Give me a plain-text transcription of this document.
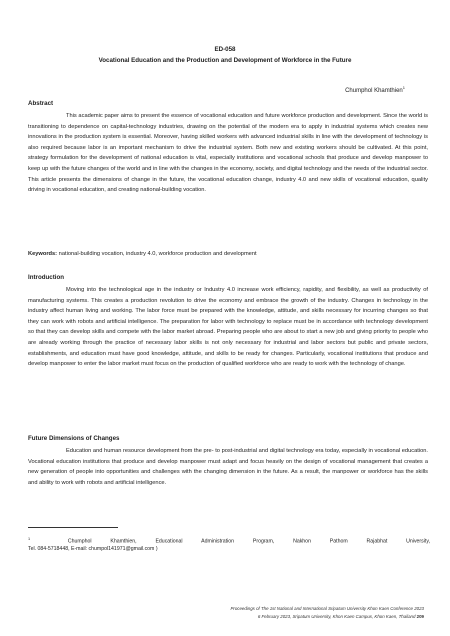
ED-058
Vocational Education and the Production and Development of Workforce in the Future
Chumphol Khamthien$^1$
Abstract
This academic paper aims to present the essence of vocational education and future workforce production and development. Since the world is transitioning to dependence on capital-technology industries, drawing on the potential of the modern era to apply in industrial systems which creates new innovations in the production system is essential. Moreover, having skilled workers with advanced industrial skills in line with the development of technology is also required because labor is an important mechanism to drive the industrial system. Both new and existing workers should be cultivated. At this point, strategy formulation for the development of national education is vital, especially institutions and vocational schools that produce and develop manpower to keep up with the future changes of the world and in line with the changes in the economy, society, and digital technology and the needs of the industrial sector. This article presents the dimensions of change in the future, the vocational education change, industry 4.0 and new skills of vocational education, quality driving in vocational education, and creating national-building vocation.
Keywords: national-building vocation, industry 4.0, workforce production and development
Introduction
Moving into the technological age in the industry or Industry 4.0 increase work efficiency, rapidity, and flexibility, as well as productivity of manufacturing systems. This creates a production revolution to drive the economy and embrace the growth of the industry. Changes in technology in the industry affect human living and working. The labor force must be prepared with the knowledge, attitude, and skills necessary for incurring changes so that they can work with robots and artificial intelligence. The preparation for labor with technology to replace must be in accordance with technology development so that they can develop skills and compete with the labor market abroad. Preparing people who are about to start a new job and giving priority to people who are already working through the practice of necessary labor skills is not only necessary for industrial and labor sectors but public and private sectors, establishments, and education must have good knowledge, attitude, and skills to be ready for changes. Particularly, vocational institutions that produce and develop manpower to enter the labor market must focus on the production of qualified workforce who are ready to work with the technology of change.
Future Dimensions of Changes
Education and human resource development from the pre- to post-industrial and digital technology era today, especially in vocational education. Vocational education institutions that produce and develop manpower must adapt and focus heavily on the design of vocational management that creates a new generation of people into opportunities and challenges with the changing dimension in the future. As a result, the manpower or workforce has the skills and ability to work with robots and artificial intelligence.
$^1$	Chumphol Khamthien, Educational Administration Program, Nakhon Pathom Rajabhat University,
Tel. 084-5718448, E-mail: chumpol141971@gmail.com )
Proceedings of The 1st National and International Sripatum University Khon Kaen Conference 2023
6 February 2023, Sripatum University, Khon Kaen Campus, Khon Kaen, Thailand 209
